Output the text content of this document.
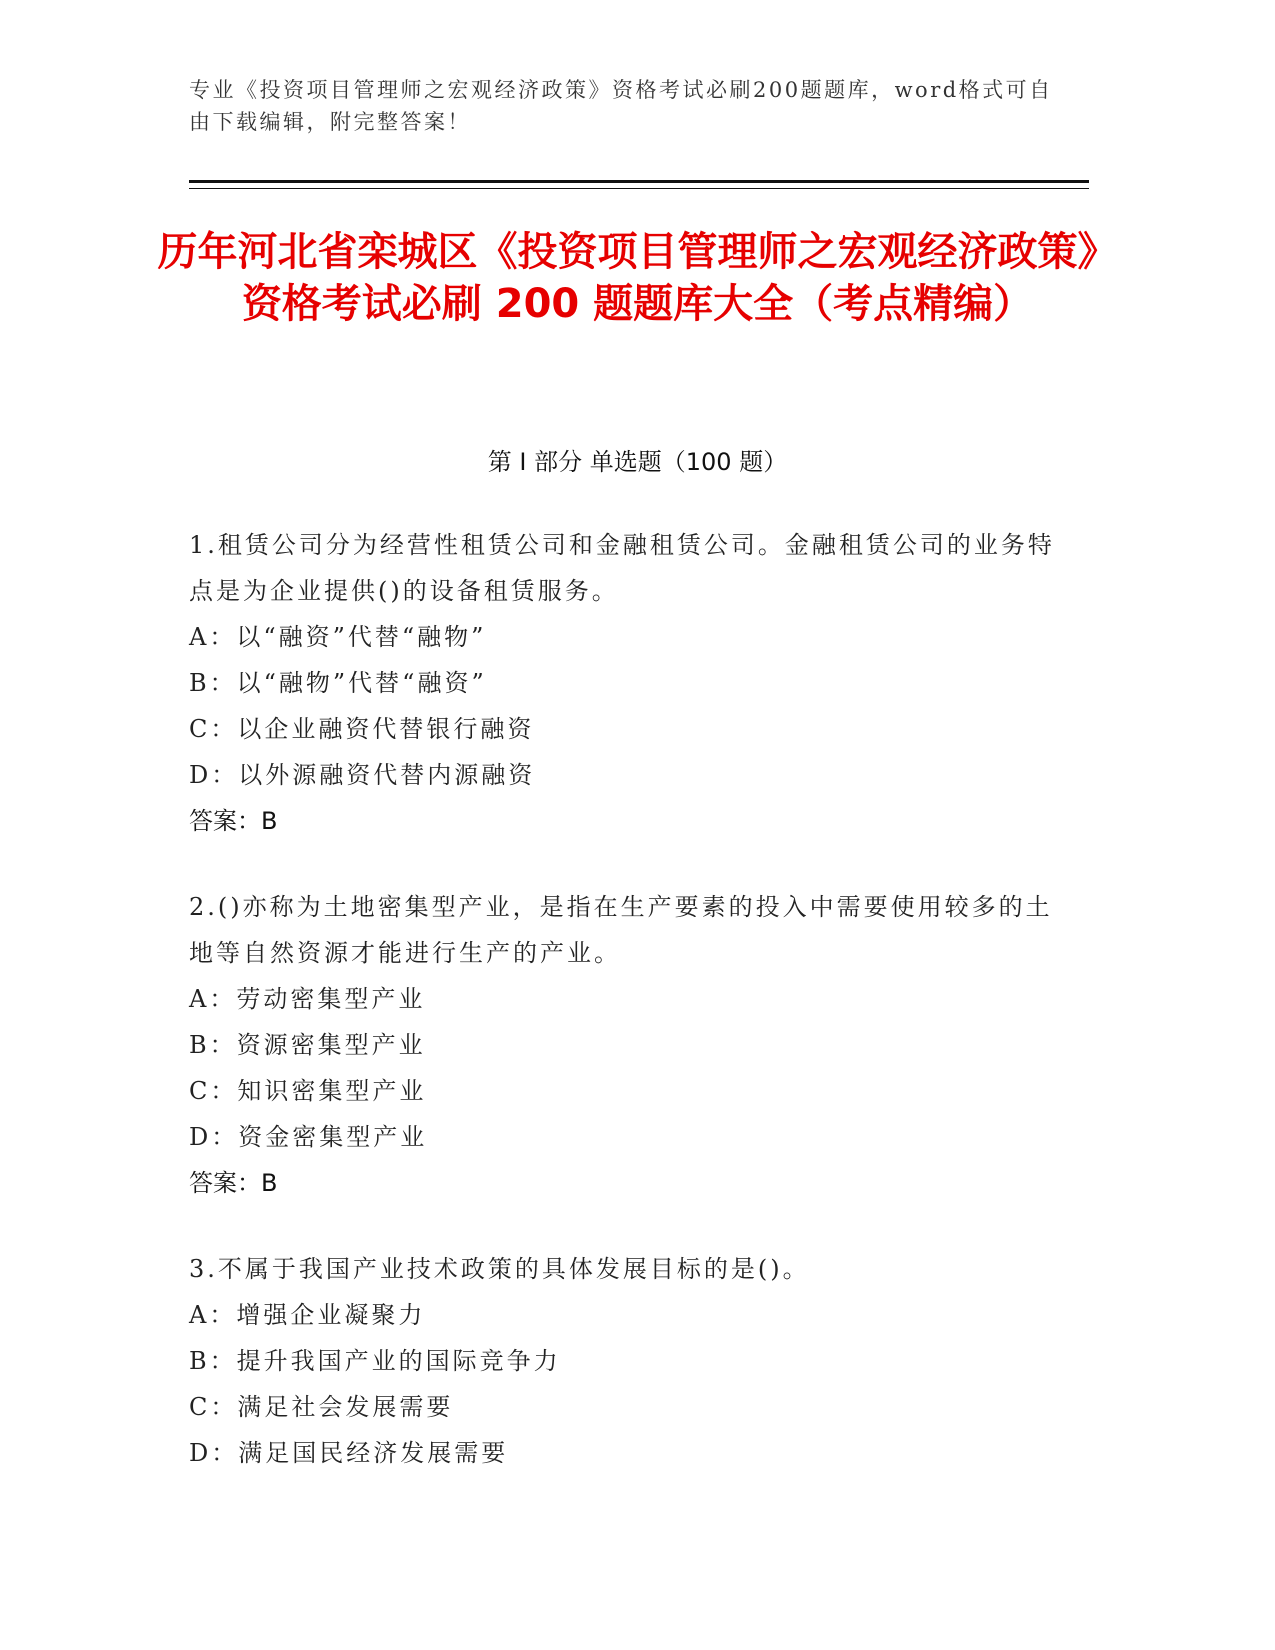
专业《投资项目管理师之宏观经济政策》资格考试必刷200题题库，word格式可自由下载编辑，附完整答案！
历年河北省栾城区《投资项目管理师之宏观经济政策》资格考试必刷 200 题题库大全（考点精编）
第 I 部分 单选题（100 题）
1.租赁公司分为经营性租赁公司和金融租赁公司。金融租赁公司的业务特点是为企业提供()的设备租赁服务。
A：以“融资”代替“融物”
B：以“融物”代替“融资”
C：以企业融资代替银行融资
D：以外源融资代替内源融资
答案：B
2.()亦称为土地密集型产业，是指在生产要素的投入中需要使用较多的土地等自然资源才能进行生产的产业。
A：劳动密集型产业
B：资源密集型产业
C：知识密集型产业
D：资金密集型产业
答案：B
3.不属于我国产业技术政策的具体发展目标的是()。
A：增强企业凝聚力
B：提升我国产业的国际竞争力
C：满足社会发展需要
D：满足国民经济发展需要
